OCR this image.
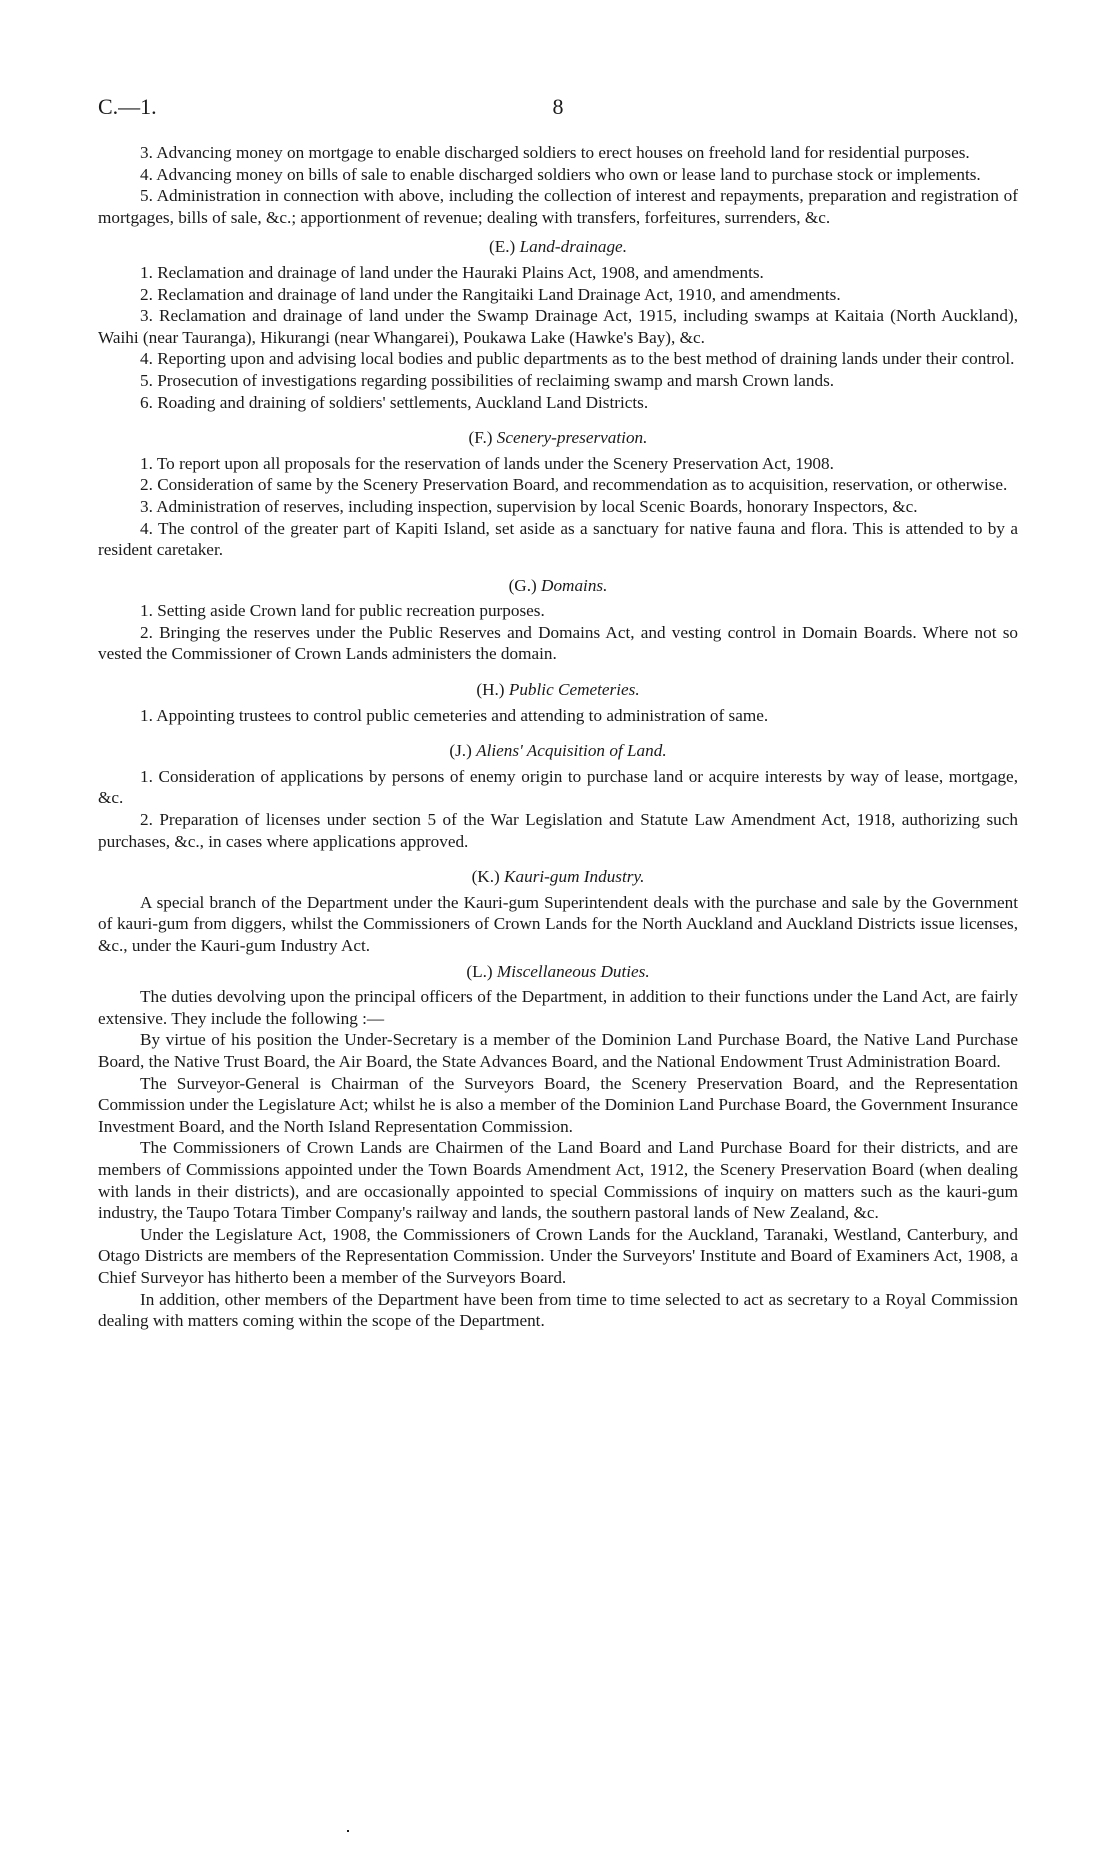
C.—1.	8

3. Advancing money on mortgage to enable discharged soldiers to erect houses on freehold land for residential purposes.

4. Advancing money on bills of sale to enable discharged soldiers who own or lease land to purchase stock or implements.

5. Administration in connection with above, including the collection of interest and repayments, preparation and registration of mortgages, bills of sale, &c.; apportionment of revenue; dealing with transfers, forfeitures, surrenders, &c.

(E.) Land-drainage.

1. Reclamation and drainage of land under the Hauraki Plains Act, 1908, and amendments.

2. Reclamation and drainage of land under the Rangitaiki Land Drainage Act, 1910, and amendments.

3. Reclamation and drainage of land under the Swamp Drainage Act, 1915, including swamps at Kaitaia (North Auckland), Waihi (near Tauranga), Hikurangi (near Whangarei), Poukawa Lake (Hawke's Bay), &c.

4. Reporting upon and advising local bodies and public departments as to the best method of draining lands under their control.

5. Prosecution of investigations regarding possibilities of reclaiming swamp and marsh Crown lands.

6. Roading and draining of soldiers' settlements, Auckland Land Districts.

(F.) Scenery-preservation.

1. To report upon all proposals for the reservation of lands under the Scenery Preservation Act, 1908.

2. Consideration of same by the Scenery Preservation Board, and recommendation as to acquisition, reservation, or otherwise.

3. Administration of reserves, including inspection, supervision by local Scenic Boards, honorary Inspectors, &c.

4. The control of the greater part of Kapiti Island, set aside as a sanctuary for native fauna and flora. This is attended to by a resident caretaker.

(G.) Domains.

1. Setting aside Crown land for public recreation purposes.

2. Bringing the reserves under the Public Reserves and Domains Act, and vesting control in Domain Boards. Where not so vested the Commissioner of Crown Lands administers the domain.

(H.) Public Cemeteries.

1. Appointing trustees to control public cemeteries and attending to administration of same.

(J.) Aliens' Acquisition of Land.

1. Consideration of applications by persons of enemy origin to purchase land or acquire interests by way of lease, mortgage, &c.

2. Preparation of licenses under section 5 of the War Legislation and Statute Law Amendment Act, 1918, authorizing such purchases, &c., in cases where applications approved.

(K.) Kauri-gum Industry.

A special branch of the Department under the Kauri-gum Superintendent deals with the purchase and sale by the Government of kauri-gum from diggers, whilst the Commissioners of Crown Lands for the North Auckland and Auckland Districts issue licenses, &c., under the Kauri-gum Industry Act.

(L.) Miscellaneous Duties.

The duties devolving upon the principal officers of the Department, in addition to their functions under the Land Act, are fairly extensive. They include the following :—

By virtue of his position the Under-Secretary is a member of the Dominion Land Purchase Board, the Native Land Purchase Board, the Native Trust Board, the Air Board, the State Advances Board, and the National Endowment Trust Administration Board.

The Surveyor-General is Chairman of the Surveyors Board, the Scenery Preservation Board, and the Representation Commission under the Legislature Act; whilst he is also a member of the Dominion Land Purchase Board, the Government Insurance Investment Board, and the North Island Representation Commission.

The Commissioners of Crown Lands are Chairmen of the Land Board and Land Purchase Board for their districts, and are members of Commissions appointed under the Town Boards Amendment Act, 1912, the Scenery Preservation Board (when dealing with lands in their districts), and are occasionally appointed to special Commissions of inquiry on matters such as the kauri-gum industry, the Taupo Totara Timber Company's railway and lands, the southern pastoral lands of New Zealand, &c.

Under the Legislature Act, 1908, the Commissioners of Crown Lands for the Auckland, Taranaki, Westland, Canterbury, and Otago Districts are members of the Representation Commission. Under the Surveyors' Institute and Board of Examiners Act, 1908, a Chief Surveyor has hitherto been a member of the Surveyors Board.

In addition, other members of the Department have been from time to time selected to act as secretary to a Royal Commission dealing with matters coming within the scope of the Department.
